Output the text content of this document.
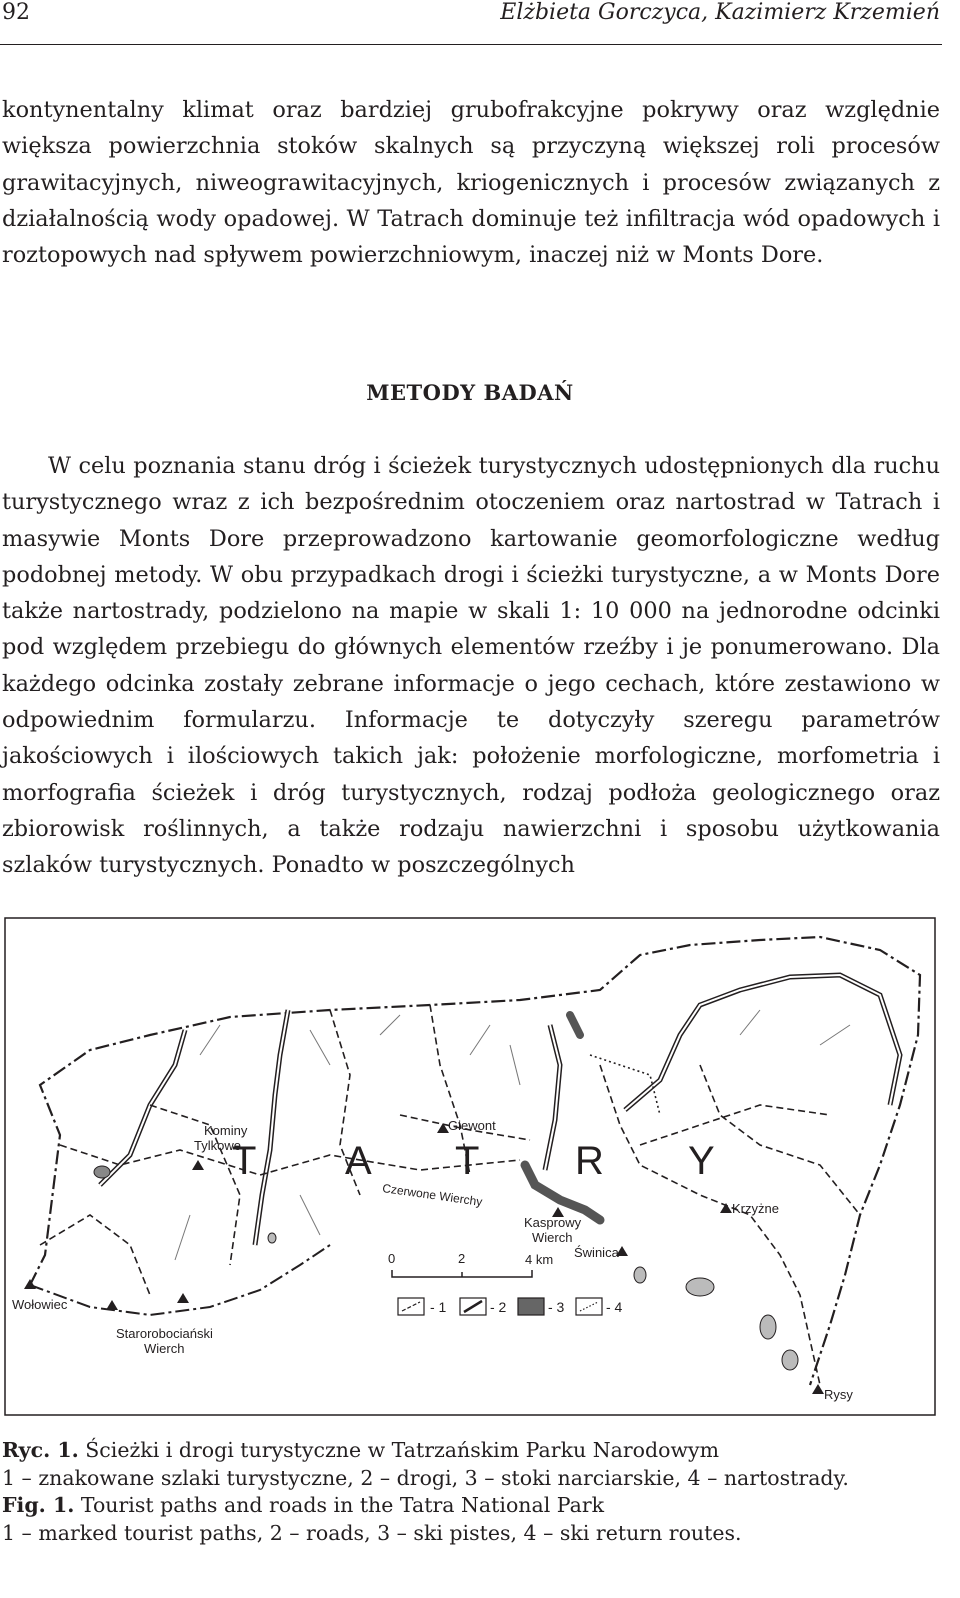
92	Elżbieta Gorczyca, Kazimierz Krzemień
kontynentalny klimat oraz bardziej grubofrakcyjne pokrywy oraz względnie większa powierzchnia stoków skalnych są przyczyną większej roli procesów grawitacyjnych, niweograwitacyjnych, kriogenicznych i procesów związanych z działalnością wody opadowej. W Tatrach dominuje też infiltracja wód opadowych i roztopowych nad spływem powierzchniowym, inaczej niż w Monts Dore.
METODY BADAŃ
W celu poznania stanu dróg i ścieżek turystycznych udostępnionych dla ruchu turystycznego wraz z ich bezpośrednim otoczeniem oraz nartostrad w Tatrach i masywie Monts Dore przeprowadzono kartowanie geomorfologiczne według podobnej metody. W obu przypadkach drogi i ścieżki turystyczne, a w Monts Dore także nartostrady, podzielono na mapie w skali 1: 10 000 na jednorodne odcinki pod względem przebiegu do głównych elementów rzeźby i je ponumerowano. Dla każdego odcinka zostały zebrane informacje o jego cechach, które zestawiono w odpowiednim formularzu. Informacje te dotyczyły szeregu parametrów jakościowych i ilościowych takich jak: położenie morfologiczne, morfometria i morfografia ścieżek i dróg turystycznych, rodzaj podłoża geologicznego oraz zbiorowisk roślinnych, a także rodzaju nawierzchni i sposobu użytkowania szlaków turystycznych. Ponadto w poszczególnych
T A T R Y
Kominy
Tylkowe
Giewont
Czerwone Wierchy
Kasprowy
Wierch
Świnica
Krzyżne
Wołowiec
Starorobociański
Wierch
Rysy
0	2	4 km
- 1	- 2	- 3	- 4
Ryc. 1. Ścieżki i drogi turystyczne w Tatrzańskim Parku Narodowym
1 – znakowane szlaki turystyczne, 2 – drogi, 3 – stoki narciarskie, 4 – nartostrady.
Fig. 1. Tourist paths and roads in the Tatra National Park
1 – marked tourist paths, 2 – roads, 3 – ski pistes, 4 – ski return routes.
